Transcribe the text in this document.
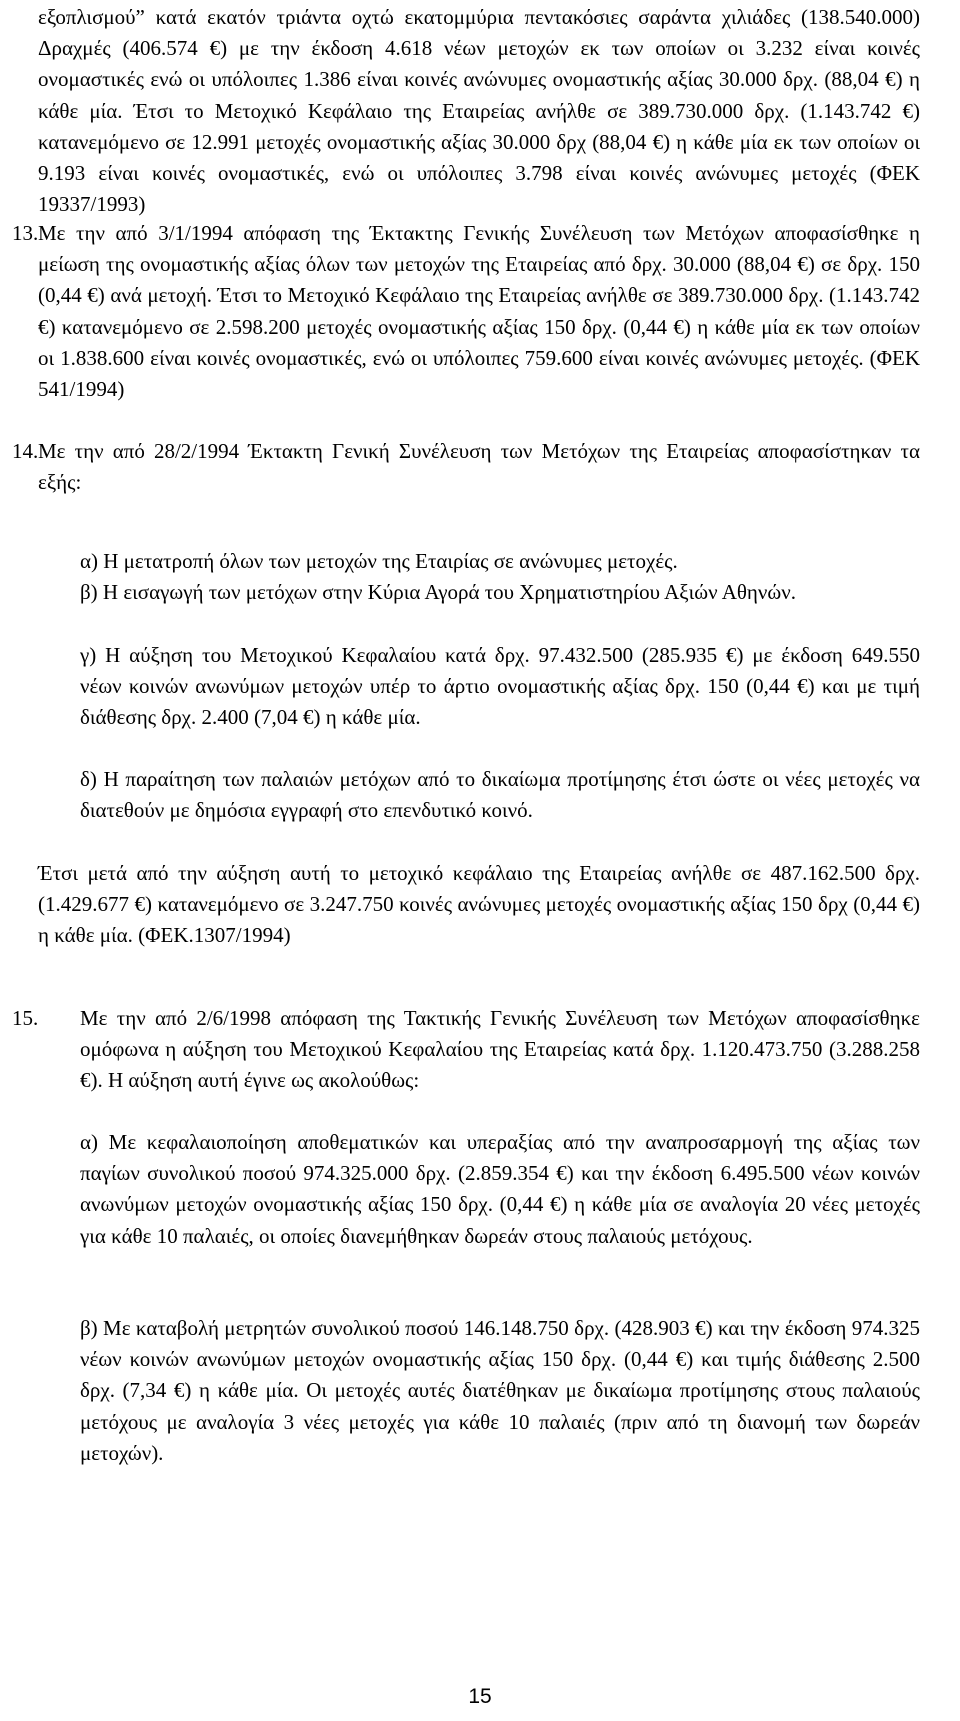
εξοπλισμού” κατά εκατόν τριάντα οχτώ εκατομμύρια πεντακόσιες σαράντα χιλιάδες (138.540.000) Δραχμές (406.574 €) με την έκδοση 4.618 νέων μετοχών εκ των οποίων οι 3.232 είναι κοινές ονομαστικές ενώ οι υπόλοιπες 1.386 είναι κοινές ανώνυμες ονομαστικής αξίας 30.000 δρχ. (88,04 €) η κάθε μία. Έτσι το Μετοχικό Κεφάλαιο της Εταιρείας ανήλθε σε 389.730.000 δρχ. (1.143.742 €) κατανεμόμενο σε 12.991 μετοχές ονομαστικής αξίας 30.000 δρχ (88,04 €) η κάθε μία εκ των οποίων οι 9.193 είναι κοινές ονομαστικές, ενώ οι υπόλοιπες 3.798 είναι κοινές ανώνυμες μετοχές (ΦΕΚ 19337/1993)

13. Με την από 3/1/1994 απόφαση της Έκτακτης Γενικής Συνέλευση των Μετόχων αποφασίσθηκε η μείωση της ονομαστικής αξίας όλων των μετοχών της Εταιρείας από δρχ. 30.000 (88,04 €) σε δρχ. 150 (0,44 €) ανά μετοχή. Έτσι το Μετοχικό Κεφάλαιο της Εταιρείας ανήλθε σε 389.730.000 δρχ. (1.143.742 €) κατανεμόμενο σε 2.598.200 μετοχές ονομαστικής αξίας 150 δρχ. (0,44 €) η κάθε μία εκ των οποίων οι 1.838.600 είναι κοινές ονομαστικές, ενώ οι υπόλοιπες 759.600 είναι κοινές ανώνυμες μετοχές. (ΦΕΚ 541/1994)

14. Με την από 28/2/1994 Έκτακτη Γενική Συνέλευση των Μετόχων της Εταιρείας αποφασίστηκαν τα εξής:

α) Η μετατροπή όλων των μετοχών της Εταιρίας σε ανώνυμες μετοχές.

β) Η εισαγωγή των μετόχων στην Κύρια Αγορά του Χρηματιστηρίου Αξιών Αθηνών.

γ) Η αύξηση του Μετοχικού Κεφαλαίου κατά δρχ. 97.432.500 (285.935 €) με έκδοση 649.550 νέων κοινών ανωνύμων μετοχών υπέρ το άρτιο ονομαστικής αξίας δρχ. 150 (0,44 €) και με τιμή διάθεσης δρχ. 2.400 (7,04 €) η κάθε μία.

δ) Η παραίτηση των παλαιών μετόχων από το δικαίωμα προτίμησης έτσι ώστε οι νέες μετοχές να διατεθούν με δημόσια εγγραφή στο επενδυτικό κοινό.

Έτσι μετά από την αύξηση αυτή το μετοχικό κεφάλαιο της Εταιρείας ανήλθε σε 487.162.500 δρχ. (1.429.677 €) κατανεμόμενο σε 3.247.750 κοινές ανώνυμες μετοχές ονομαστικής αξίας 150 δρχ (0,44 €) η κάθε μία. (ΦΕΚ.1307/1994)

15. Με την από 2/6/1998 απόφαση της Τακτικής Γενικής Συνέλευση των Μετόχων αποφασίσθηκε ομόφωνα η αύξηση του Μετοχικού Κεφαλαίου της Εταιρείας κατά δρχ. 1.120.473.750 (3.288.258 €). Η αύξηση αυτή έγινε ως ακολούθως:

α) Με κεφαλαιοποίηση αποθεματικών και υπεραξίας από την αναπροσαρμογή της αξίας των παγίων συνολικού ποσού 974.325.000 δρχ. (2.859.354 €) και την έκδοση 6.495.500 νέων κοινών ανωνύμων μετοχών ονομαστικής αξίας 150 δρχ. (0,44 €) η κάθε μία σε αναλογία 20 νέες μετοχές για κάθε 10 παλαιές, οι οποίες διανεμήθηκαν δωρεάν στους παλαιούς μετόχους.

β) Με καταβολή μετρητών συνολικού ποσού 146.148.750 δρχ. (428.903 €) και την έκδοση 974.325 νέων κοινών ανωνύμων μετοχών ονομαστικής αξίας 150 δρχ. (0,44 €) και τιμής διάθεσης 2.500 δρχ. (7,34 €) η κάθε μία. Οι μετοχές αυτές διατέθηκαν με δικαίωμα προτίμησης στους παλαιούς μετόχους με αναλογία 3 νέες μετοχές για κάθε 10 παλαιές (πριν από τη διανομή των δωρεάν μετοχών).

15
